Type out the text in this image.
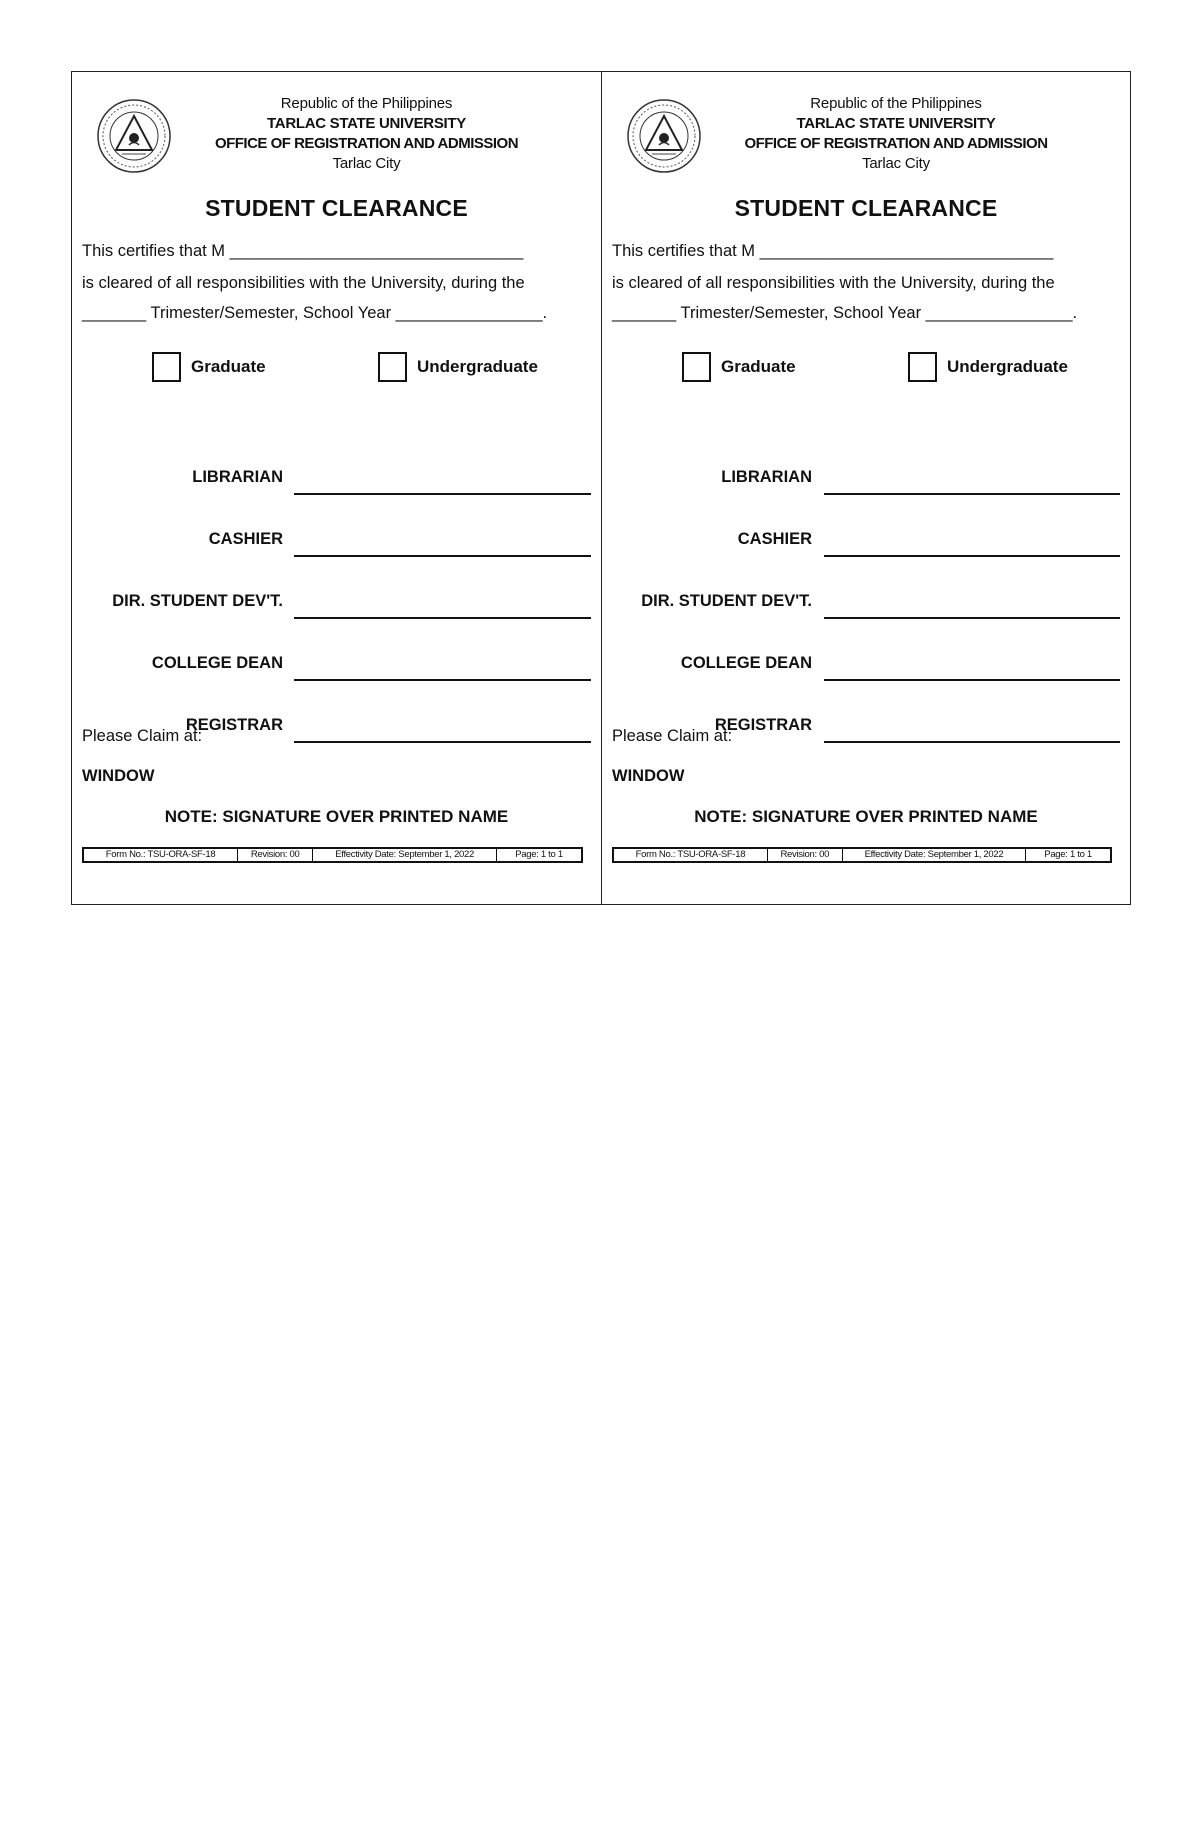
Republic of the Philippines
TARLAC STATE UNIVERSITY
OFFICE OF REGISTRATION AND ADMISSION
Tarlac City
STUDENT CLEARANCE
This certifies that M ________________________________
is cleared of all responsibilities with the University, during the
_______ Trimester/Semester, School Year ________________.
Graduate	Undergraduate
LIBRARIAN
CASHIER
DIR. STUDENT DEV'T.
COLLEGE DEAN
REGISTRAR
Please Claim at:
WINDOW
NOTE: SIGNATURE OVER PRINTED NAME
Form No.: TSU-ORA-SF-18	Revision: 00	Effectivity Date: September 1, 2022	Page: 1 to 1
Republic of the Philippines
TARLAC STATE UNIVERSITY
OFFICE OF REGISTRATION AND ADMISSION
Tarlac City
STUDENT CLEARANCE
This certifies that M ________________________________
is cleared of all responsibilities with the University, during the
_______ Trimester/Semester, School Year ________________.
Graduate	Undergraduate
LIBRARIAN
CASHIER
DIR. STUDENT DEV'T.
COLLEGE DEAN
REGISTRAR
Please Claim at:
WINDOW
NOTE: SIGNATURE OVER PRINTED NAME
Form No.: TSU-ORA-SF-18	Revision: 00	Effectivity Date: September 1, 2022	Page: 1 to 1
